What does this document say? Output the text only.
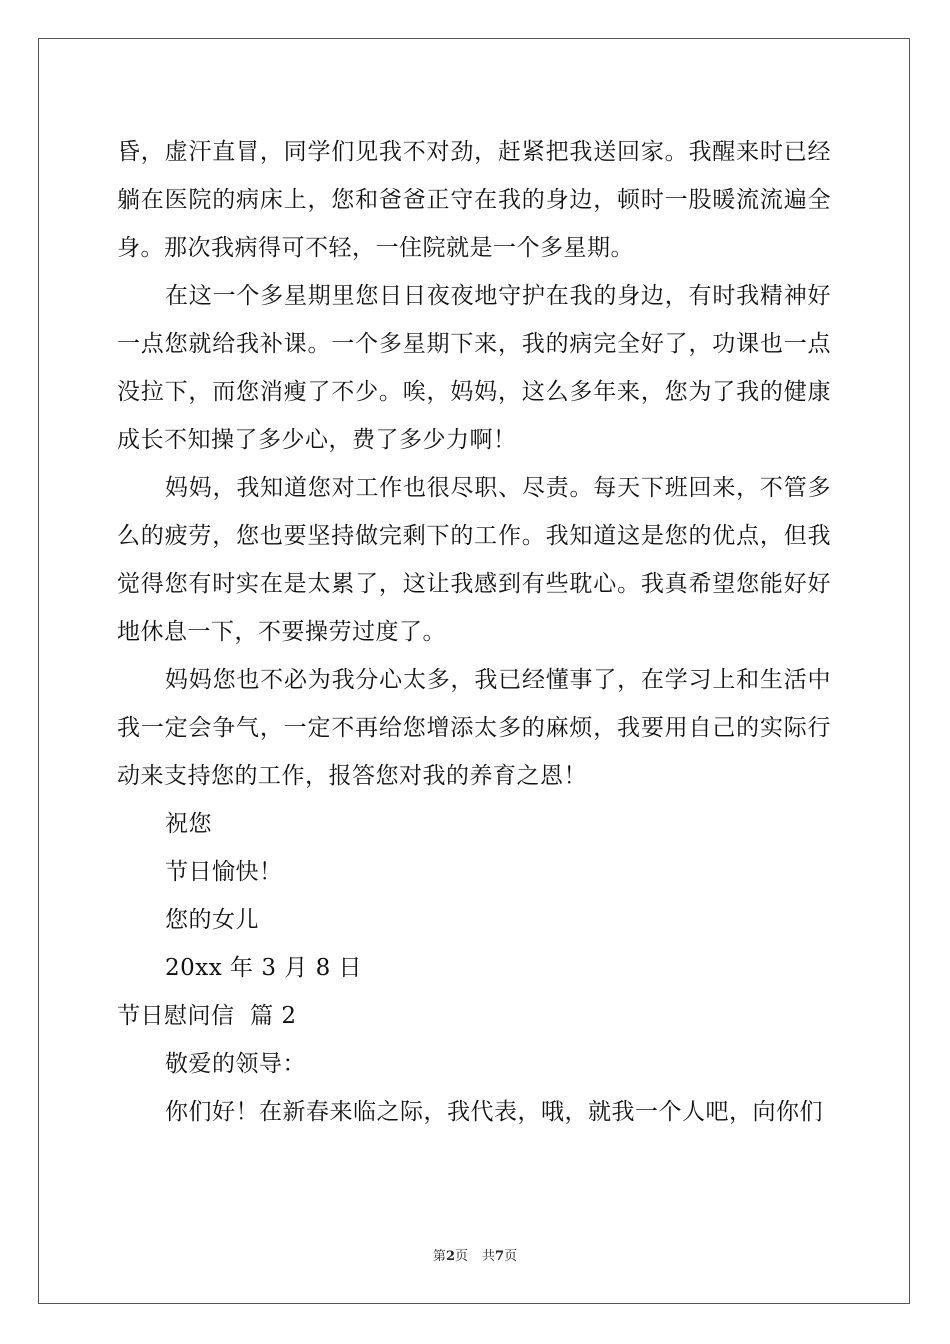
昏，虚汗直冒，同学们见我不对劲，赶紧把我送回家。我醒来时已经躺在医院的病床上，您和爸爸正守在我的身边，顿时一股暖流流遍全身。那次我病得可不轻，一住院就是一个多星期。

在这一个多星期里您日日夜夜地守护在我的身边，有时我精神好一点您就给我补课。一个多星期下来，我的病完全好了，功课也一点没拉下，而您消瘦了不少。唉，妈妈，这么多年来，您为了我的健康成长不知操了多少心，费了多少力啊！

妈妈，我知道您对工作也很尽职、尽责。每天下班回来，不管多么的疲劳，您也要坚持做完剩下的工作。我知道这是您的优点，但我觉得您有时实在是太累了，这让我感到有些耽心。我真希望您能好好地休息一下，不要操劳过度了。

妈妈您也不必为我分心太多，我已经懂事了，在学习上和生活中我一定会争气，一定不再给您增添太多的麻烦，我要用自己的实际行动来支持您的工作，报答您对我的养育之恩！

祝您

节日愉快！

您的女儿

20xx 年 3 月 8 日

节日慰问信  篇 2

敬爱的领导：

你们好！在新春来临之际，我代表，哦，就我一个人吧，向你们

第2页 共7页
